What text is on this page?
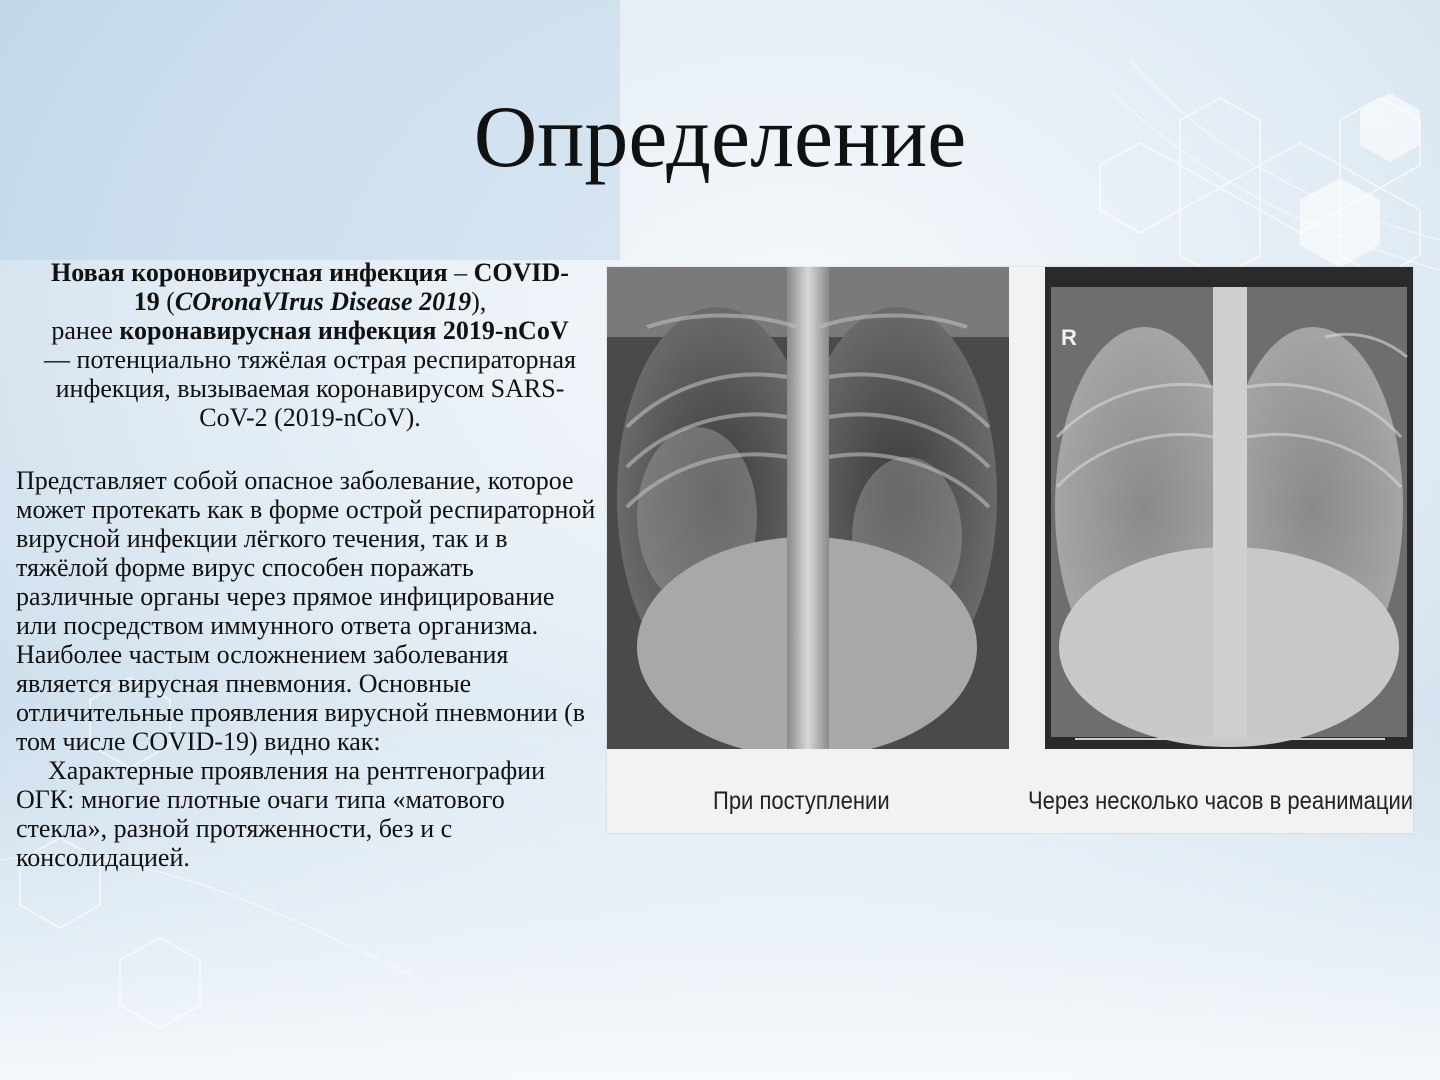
Определение
Новая короновирусная инфекция – COVID-19 (COronaVIrus Disease 2019),
ранее коронавирусная инфекция 2019-nCoV — потенциально тяжёлая острая респираторная инфекция, вызываемая коронавирусом SARS-CoV-2 (2019-nCoV).

Представляет собой опасное заболевание, которое может протекать как в форме острой респираторной вирусной инфекции лёгкого течения, так и в тяжёлой форме вирус способен поражать различные органы через прямое инфицирование или посредством иммунного ответа организма. Наиболее частым осложнением заболевания является вирусная пневмония. Основные отличительные проявления вирусной пневмонии (в том числе COVID-19) видно как:

Характерные проявления на рентгенографии ОГК: многие плотные очаги типа «матового стекла», разной протяженности, без и с консолидацией.

R
При поступлении	Через несколько часов в реанимации
